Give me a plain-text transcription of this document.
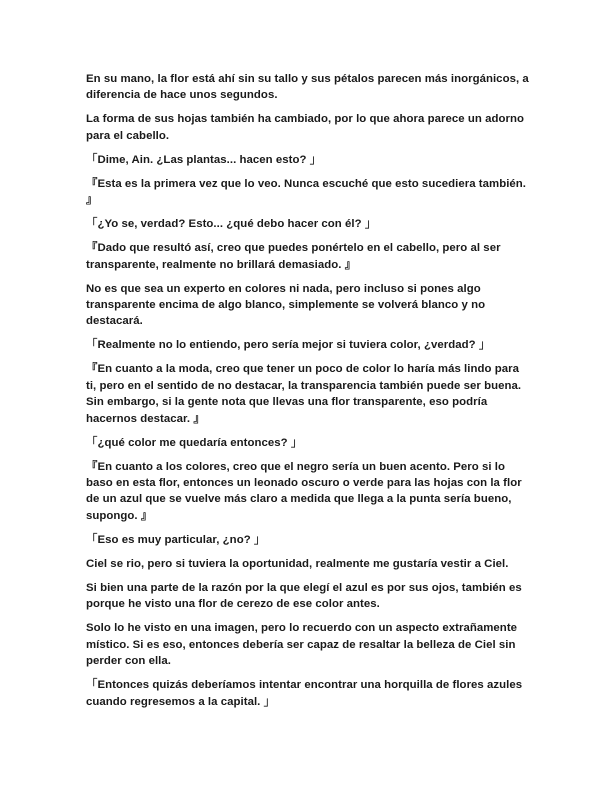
En su mano, la flor está ahí sin su tallo y sus pétalos parecen más inorgánicos, a diferencia de hace unos segundos.

La forma de sus hojas también ha cambiado, por lo que ahora parece un adorno para el cabello.

「Dime, Ain. ¿Las plantas... hacen esto? 」

『Esta es la primera vez que lo veo. Nunca escuché que esto sucediera también. 』

「¿Yo se, verdad? Esto... ¿qué debo hacer con él? 」

『Dado que resultó así, creo que puedes ponértelo en el cabello, pero al ser transparente, realmente no brillará demasiado. 』

No es que sea un experto en colores ni nada, pero incluso si pones algo transparente encima de algo blanco, simplemente se volverá blanco y no destacará.

「Realmente no lo entiendo, pero sería mejor si tuviera color, ¿verdad? 」

『En cuanto a la moda, creo que tener un poco de color lo haría más lindo para ti, pero en el sentido de no destacar, la transparencia también puede ser buena. Sin embargo, si la gente nota que llevas una flor transparente, eso podría hacernos destacar. 』

「¿qué color me quedaría entonces? 」

『En cuanto a los colores, creo que el negro sería un buen acento. Pero si lo baso en esta flor, entonces un leonado oscuro o verde para las hojas con la flor de un azul que se vuelve más claro a medida que llega a la punta sería bueno, supongo. 』

「Eso es muy particular, ¿no? 」

Ciel se rio, pero si tuviera la oportunidad, realmente me gustaría vestir a Ciel.

Si bien una parte de la razón por la que elegí el azul es por sus ojos, también es porque he visto una flor de cerezo de ese color antes.

Solo lo he visto en una imagen, pero lo recuerdo con un aspecto extrañamente místico. Si es eso, entonces debería ser capaz de resaltar la belleza de Ciel sin perder con ella.

「Entonces quizás deberíamos intentar encontrar una horquilla de flores azules cuando regresemos a la capital. 」
